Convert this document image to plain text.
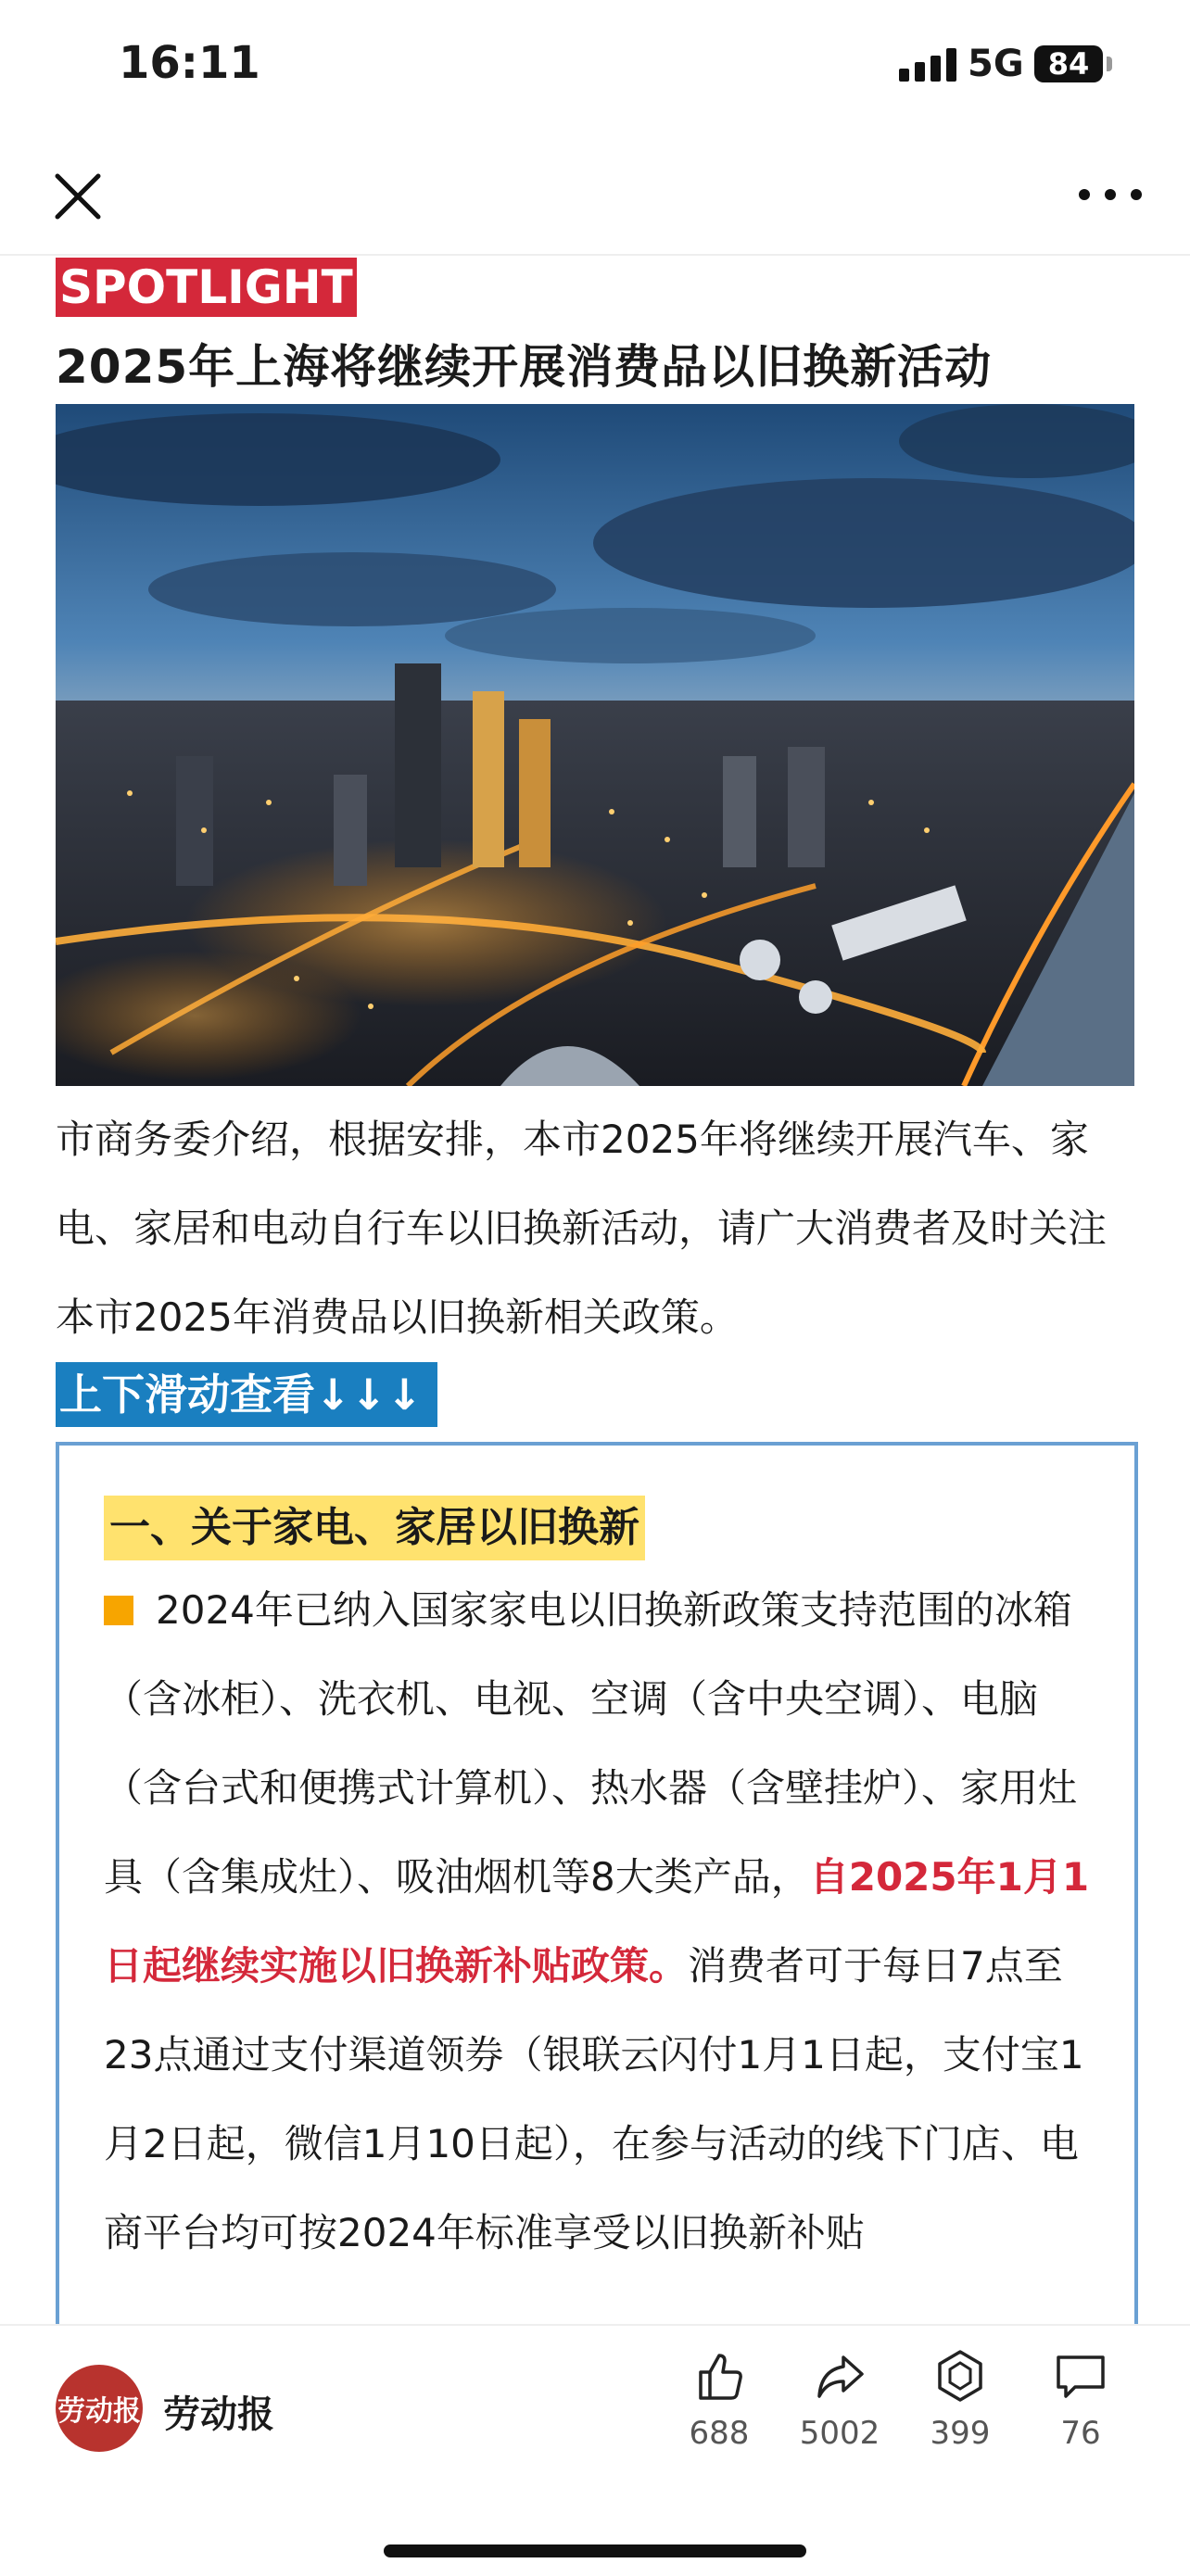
16:11	5G 84
SPOTLIGHT
2025年上海将继续开展消费品以旧换新活动
市商务委介绍，根据安排，本市2025年将继续开展汽车、家电、家居和电动自行车以旧换新活动，请广大消费者及时关注本市2025年消费品以旧换新相关政策。
上下滑动查看↓↓↓
一、关于家电、家居以旧换新
2024年已纳入国家家电以旧换新政策支持范围的冰箱（含冰柜）、洗衣机、电视、空调（含中央空调）、电脑（含台式和便携式计算机）、热水器（含壁挂炉）、家用灶具（含集成灶）、吸油烟机等8大类产品，自2025年1月1日起继续实施以旧换新补贴政策。消费者可于每日7点至23点通过支付渠道领券（银联云闪付1月1日起，支付宝1月2日起，微信1月10日起），在参与活动的线下门店、电商平台均可按2024年标准享受以旧换新补贴
劳动报 劳动报	688	5002	399	76
